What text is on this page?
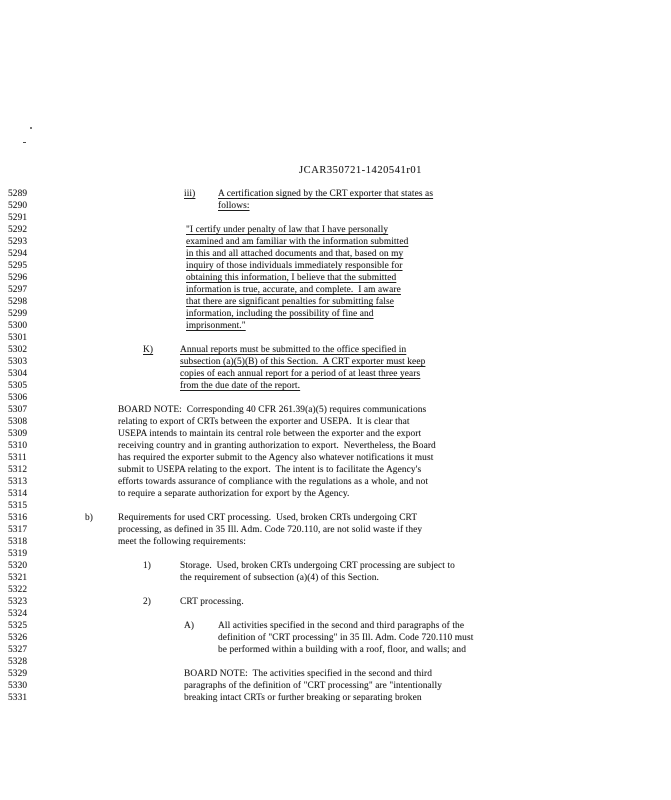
JCAR350721-1420541r01
5289	iii) A certification signed by the CRT exporter that states as
5290	follows:
5291
5292	"I certify under penalty of law that I have personally
5293	examined and am familiar with the information submitted
5294	in this and all attached documents and that, based on my
5295	inquiry of those individuals immediately responsible for
5296	obtaining this information, I believe that the submitted
5297	information is true, accurate, and complete.  I am aware
5298	that there are significant penalties for submitting false
5299	information, including the possibility of fine and
5300	imprisonment."
5301
5302	K)	Annual reports must be submitted to the office specified in
5303	subsection (a)(5)(B) of this Section.  A CRT exporter must keep
5304	copies of each annual report for a period of at least three years
5305	from the due date of the report.
5306
5307	BOARD NOTE:  Corresponding 40 CFR 261.39(a)(5) requires communications
5308	relating to export of CRTs between the exporter and USEPA.  It is clear that
5309	USEPA intends to maintain its central role between the exporter and the export
5310	receiving country and in granting authorization to export.  Nevertheless, the Board
5311	has required the exporter submit to the Agency also whatever notifications it must
5312	submit to USEPA relating to the export.  The intent is to facilitate the Agency's
5313	efforts towards assurance of compliance with the regulations as a whole, and not
5314	to require a separate authorization for export by the Agency.
5315
5316	b)	Requirements for used CRT processing.  Used, broken CRTs undergoing CRT
5317	processing, as defined in 35 Ill. Adm. Code 720.110, are not solid waste if they
5318	meet the following requirements:
5319
5320	1)	Storage.  Used, broken CRTs undergoing CRT processing are subject to
5321	the requirement of subsection (a)(4) of this Section.
5322
5323	2)	CRT processing.
5324
5325	A)	All activities specified in the second and third paragraphs of the
5326	definition of "CRT processing" in 35 Ill. Adm. Code 720.110 must
5327	be performed within a building with a roof, floor, and walls; and
5328
5329	BOARD NOTE:  The activities specified in the second and third
5330	paragraphs of the definition of "CRT processing" are "intentionally
5331	breaking intact CRTs or further breaking or separating broken
